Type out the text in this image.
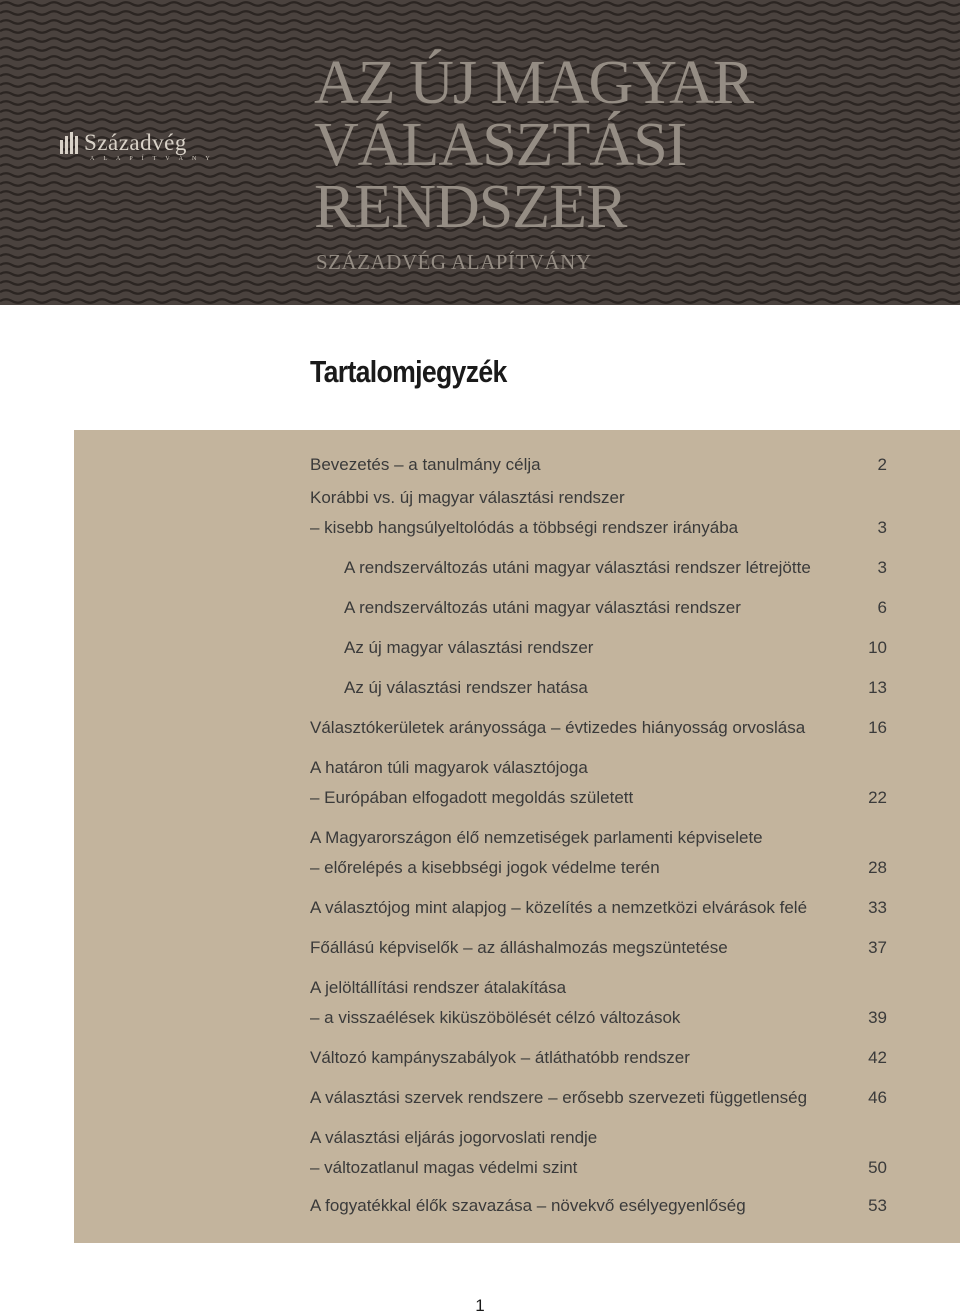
Századvég
ALAPÍTVÁNY
AZ ÚJ MAGYAR
VÁLASZTÁSI
RENDSZER
SZÁZADVÉG ALAPÍTVÁNY
Tartalomjegyzék
Bevezetés – a tanulmány célja	2
Korábbi vs. új magyar választási rendszer
– kisebb hangsúlyeltolódás a többségi rendszer irányába	3
A rendszerváltozás utáni magyar választási rendszer létrejötte	3
A rendszerváltozás utáni magyar választási rendszer	6
Az új magyar választási rendszer	10
Az új választási rendszer hatása	13
Választókerületek arányossága – évtizedes hiányosság orvoslása	16
A határon túli magyarok választójoga
– Európában elfogadott megoldás született	22
A Magyarországon élő nemzetiségek parlamenti képviselete
– előrelépés a kisebbségi jogok védelme terén	28
A választójog mint alapjog – közelítés a nemzetközi elvárások felé	33
Főállású képviselők – az álláshalmozás megszüntetése	37
A jelöltállítási rendszer átalakítása
– a visszaélések kiküszöbölését célzó változások	39
Változó kampányszabályok – átláthatóbb rendszer	42
A választási szervek rendszere – erősebb szervezeti függetlenség	46
A választási eljárás jogorvoslati rendje
– változatlanul magas védelmi szint	50
A fogyatékkal élők szavazása – növekvő esélyegyenlőség	53
1
